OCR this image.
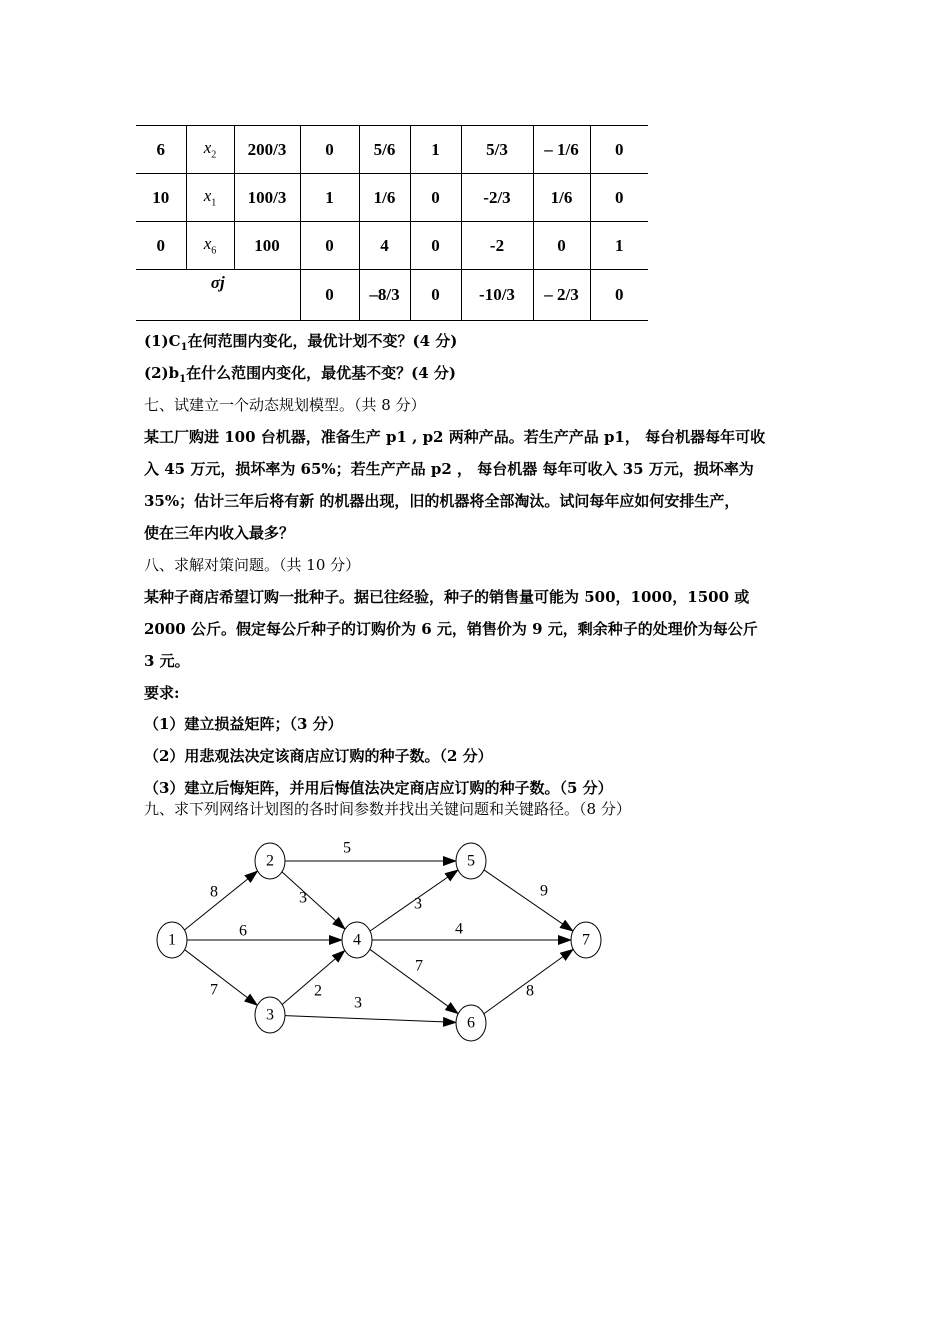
6	$x_2$	200/3	0	5/6	1	5/3	– 1/6	0
10	$x_1$	100/3	1	1/6	0	-2/3	1/6	0
0	$x_6$	100	0	4	0	-2	0	1
σj			0	–8/3	0	-10/3	– 2/3	0
$(1)C_1$在何范围内变化，最优计划不变？(4 分)
$(2)b_1$在什么范围内变化，最优基不变？(4 分)
七、试建立一个动态规划模型。（共 8 分）
某工厂购进 100 台机器，准备生产 p1 , p2 两种产品。若生产产品 p1， 每台机器每年可收
入 45 万元，损坏率为 65%；若生产产品 p2 ， 每台机器 每年可收入 35 万元，损坏率为
35%；估计三年后将有新 的机器出现，旧的机器将全部淘汰。试问每年应如何安排生产，
使在三年内收入最多？
八、求解对策问题。（共 10 分）
某种子商店希望订购一批种子。据已往经验，种子的销售量可能为 500，1000，1500 或
2000 公斤。假定每公斤种子的订购价为 6 元，销售价为 9 元，剩余种子的处理价为每公斤
3 元。
要求:
（1）建立损益矩阵；（3 分）
（2）用悲观法决定该商店应订购的种子数。（2 分）
（3）建立后悔矩阵，并用后悔值法决定商店应订购的种子数。（5 分）
九、求下列网络计划图的各时间参数并找出关键问题和关键路径。（8 分）
8
6
7
5
3
2
3
3
4
7
9
8
1
2
3
4
5
6
7
